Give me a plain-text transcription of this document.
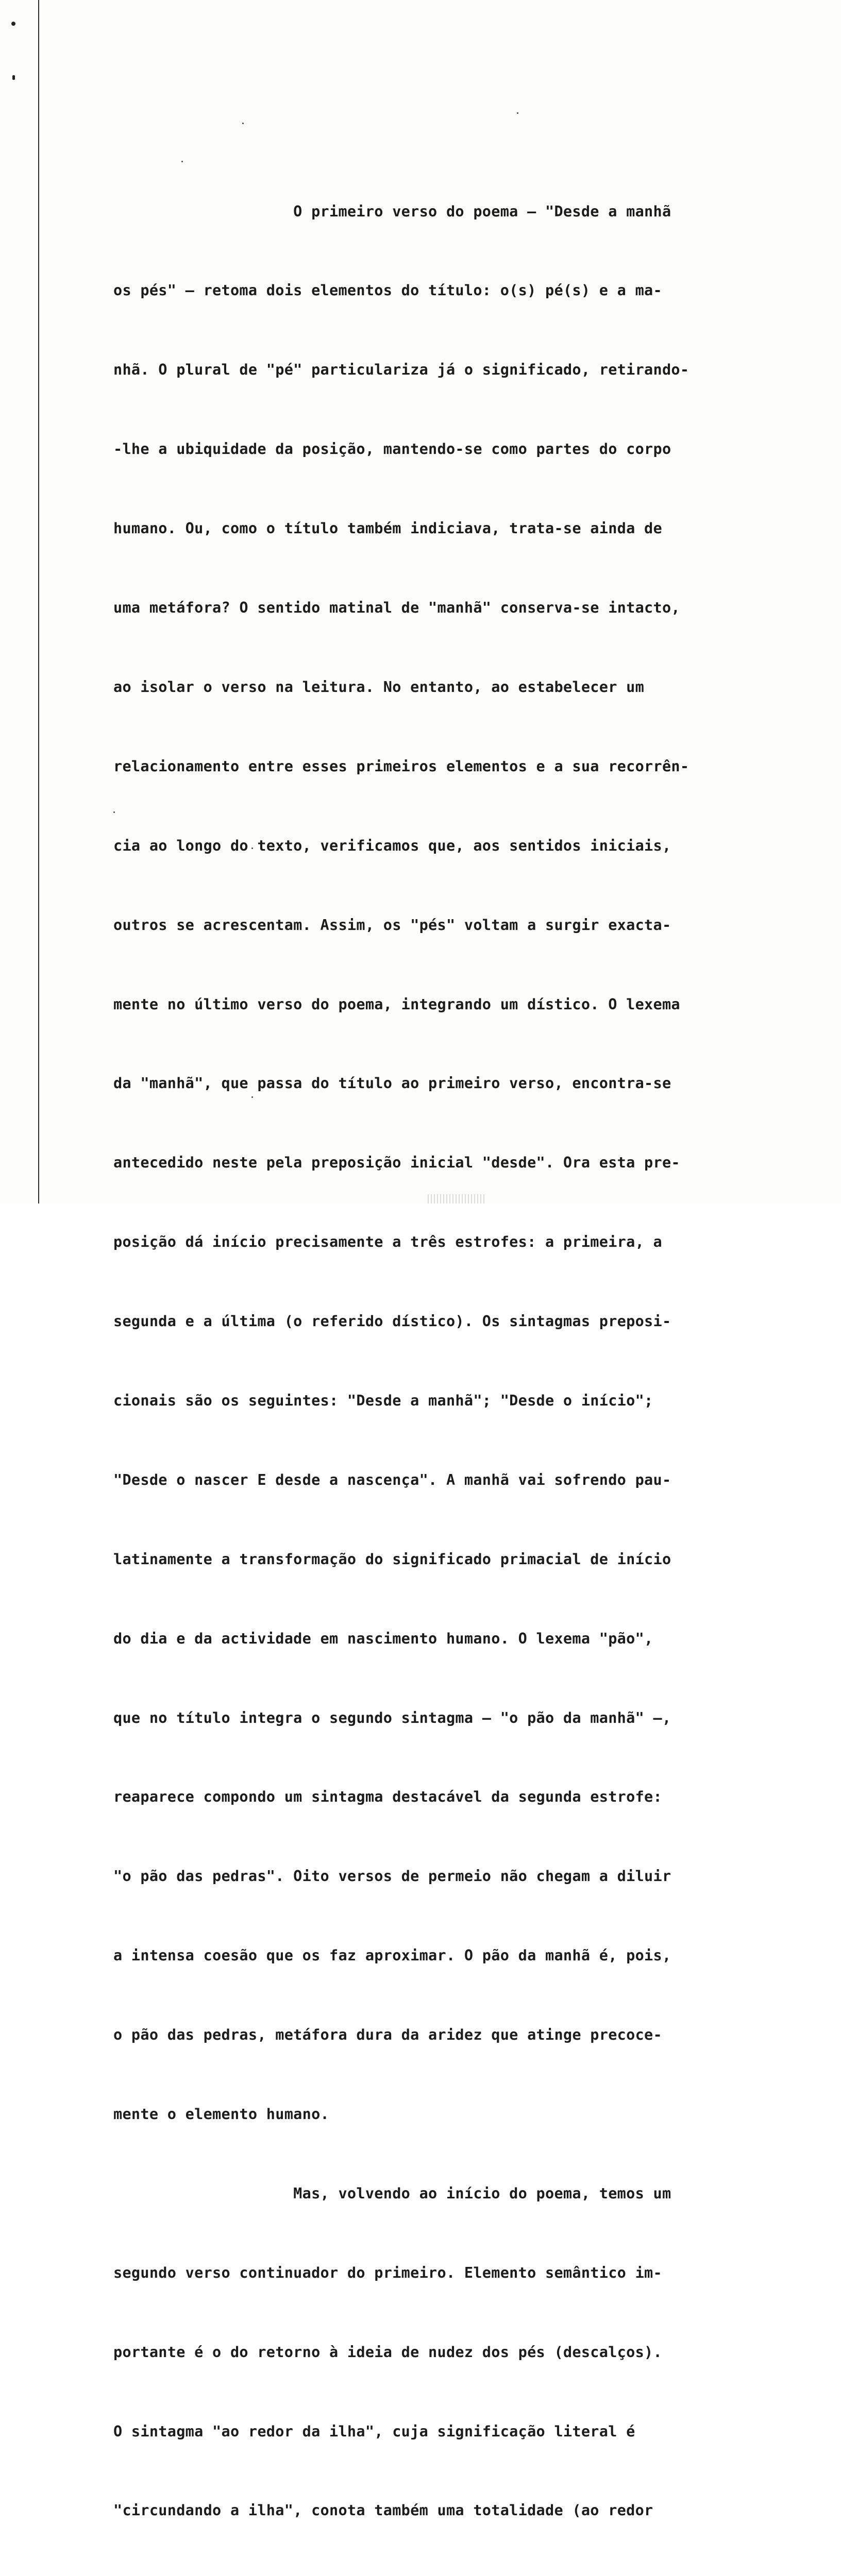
O primeiro verso do poema — "Desde a manhã

os pés" — retoma dois elementos do título: o(s) pé(s) e a ma-

nhã. O plural de "pé" particulariza já o significado, retirando-

-lhe a ubiquidade da posição, mantendo-se como partes do corpo

humano. Ou, como o título também indiciava, trata-se ainda de

uma metáfora? O sentido matinal de "manhã" conserva-se intacto,

ao isolar o verso na leitura. No entanto, ao estabelecer um

relacionamento entre esses primeiros elementos e a sua recorrên-

cia ao longo do texto, verificamos que, aos sentidos iniciais,

outros se acrescentam. Assim, os "pés" voltam a surgir exacta-

mente no último verso do poema, integrando um dístico. O lexema

da "manhã", que passa do título ao primeiro verso, encontra-se

antecedido neste pela preposição inicial "desde". Ora esta pre-

posição dá início precisamente a três estrofes: a primeira, a

segunda e a última (o referido dístico). Os sintagmas preposi-

cionais são os seguintes: "Desde a manhã"; "Desde o início";

"Desde o nascer E desde a nascença". A manhã vai sofrendo pau-

latinamente a transformação do significado primacial de início

do dia e da actividade em nascimento humano. O lexema "pão",

que no título integra o segundo sintagma — "o pão da manhã" —,

reaparece compondo um sintagma destacável da segunda estrofe:

"o pão das pedras". Oito versos de permeio não chegam a diluir

a intensa coesão que os faz aproximar. O pão da manhã é, pois,

o pão das pedras, metáfora dura da aridez que atinge precoce-

mente o elemento humano.

Mas, volvendo ao início do poema, temos um

segundo verso continuador do primeiro. Elemento semântico im-

portante é o do retorno à ideia de nudez dos pés (descalços).

O sintagma "ao redor da ilha", cuja significação literal é

"circundando a ilha", conota também uma totalidade (ao redor
